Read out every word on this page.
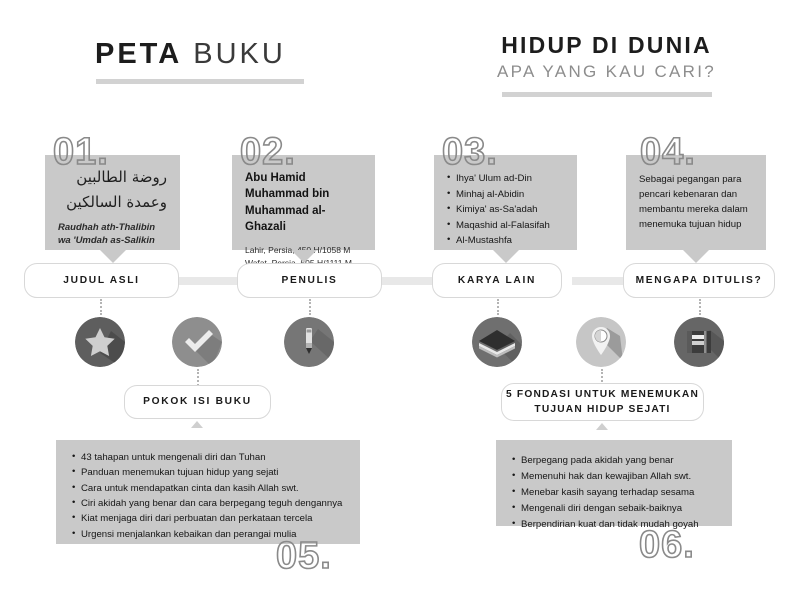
PETA BUKU	HIDUP DI DUNIA
APA YANG KAU CARI?
01.	02.	03.	04.
روضة الطالبين
وعمدة السالكين
Raudhah ath-Thalibin
wa 'Umdah as-Salikin
Abu Hamid
Muhammad bin
Muhammad al-Ghazali
Lahir, Persia, 450 H/1058 M
• Ihya' Ulum ad-Din
• Minhaj al-Abidin
• Kimiya' as-Sa'adah
• Maqashid al-Falasifah
• Al-Mustashfa
Sebagai pegangan para pencari kebenaran dan membantu mereka dalam menemuka tujuan hidup
JUDUL ASLI	PENULIS	KARYA LAIN	MENGAPA DITULIS?
POKOK ISI BUKU
5 FONDASI UNTUK MENEMUKAN
TUJUAN HIDUP SEJATI
• 43 tahapan untuk mengenali diri dan Tuhan
• Panduan menemukan tujuan hidup yang sejati
• Cara untuk mendapatkan cinta dan kasih Allah swt.
• Ciri akidah yang benar dan cara berpegang teguh dengannya
• Kiat menjaga diri dari perbuatan dan perkataan tercela
• Urgensi menjalankan kebaikan dan perangai mulia
• Berpegang pada akidah yang benar
• Memenuhi hak dan kewajiban Allah swt.
• Menebar kasih sayang terhadap sesama
• Mengenali diri dengan sebaik-baiknya
• Berpendirian kuat dan tidak mudah goyah
05.	06.
